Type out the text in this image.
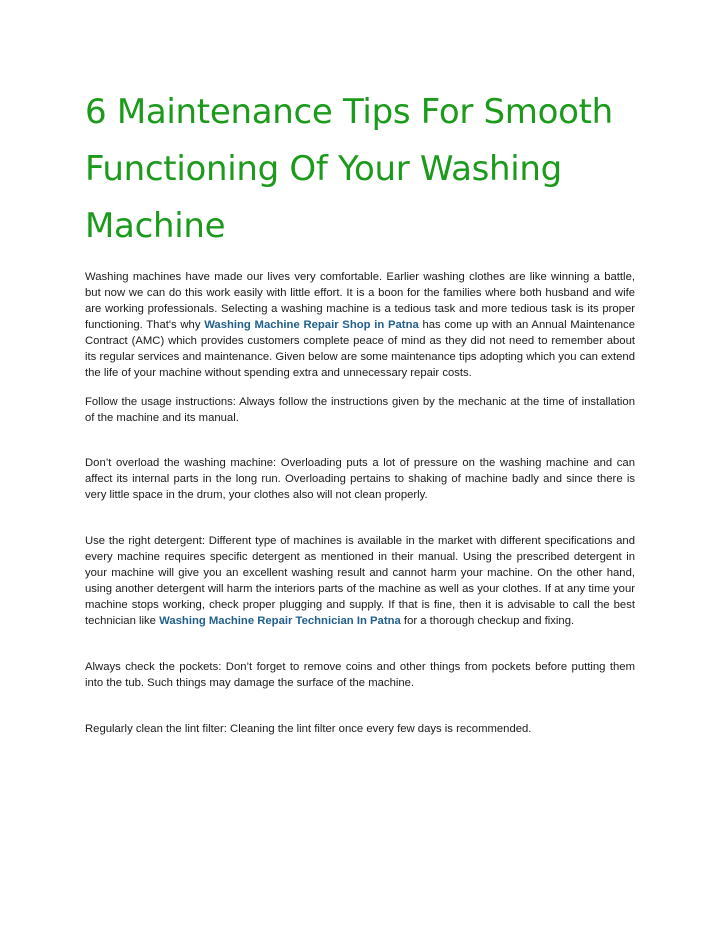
6 Maintenance Tips For Smooth Functioning Of Your Washing Machine

Washing machines have made our lives very comfortable. Earlier washing clothes are like winning a battle, but now we can do this work easily with little effort. It is a boon for the families where both husband and wife are working professionals. Selecting a washing machine is a tedious task and more tedious task is its proper functioning. That's why Washing Machine Repair Shop in Patna has come up with an Annual Maintenance Contract (AMC) which provides customers complete peace of mind as they did not need to remember about its regular services and maintenance. Given below are some maintenance tips adopting which you can extend the life of your machine without spending extra and unnecessary repair costs.

Follow the usage instructions: Always follow the instructions given by the mechanic at the time of installation of the machine and its manual.

Don’t overload the washing machine: Overloading puts a lot of pressure on the washing machine and can affect its internal parts in the long run. Overloading pertains to shaking of machine badly and since there is very little space in the drum, your clothes also will not clean properly.

Use the right detergent: Different type of machines is available in the market with different specifications and every machine requires specific detergent as mentioned in their manual. Using the prescribed detergent in your machine will give you an excellent washing result and cannot harm your machine. On the other hand, using another detergent will harm the interiors parts of the machine as well as your clothes. If at any time your machine stops working, check proper plugging and supply. If that is fine, then it is advisable to call the best technician like Washing Machine Repair Technician In Patna for a thorough checkup and fixing.

Always check the pockets: Don’t forget to remove coins and other things from pockets before putting them into the tub. Such things may damage the surface of the machine.

Regularly clean the lint filter: Cleaning the lint filter once every few days is recommended.
